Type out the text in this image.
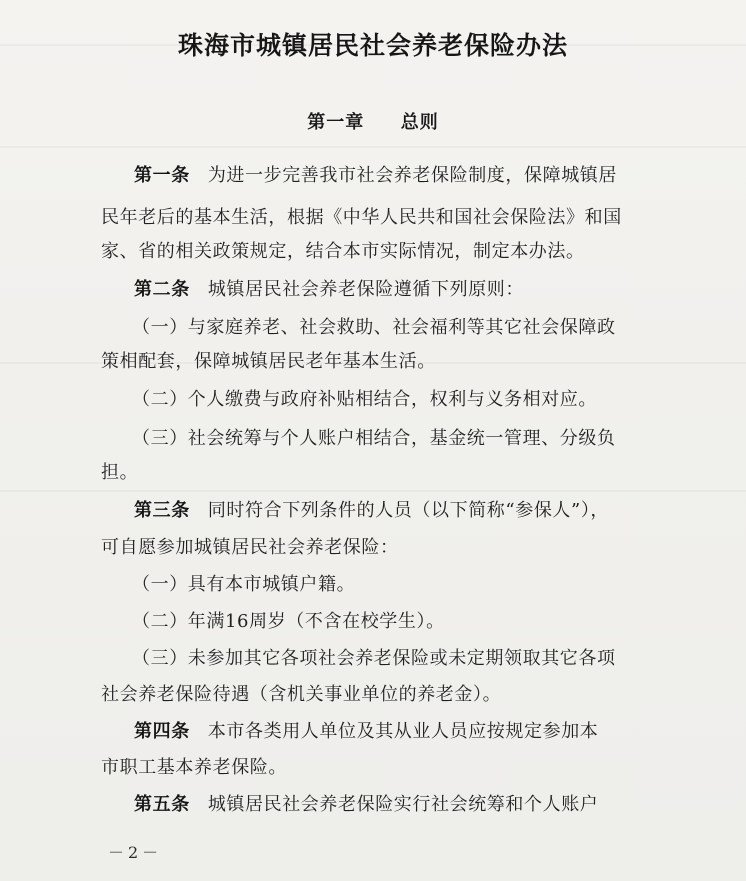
珠海市城镇居民社会养老保险办法
第一章 总则
第一条 为进一步完善我市社会养老保险制度，保障城镇居
民年老后的基本生活，根据《中华人民共和国社会保险法》和国
家、省的相关政策规定，结合本市实际情况，制定本办法。
第二条 城镇居民社会养老保险遵循下列原则：
（一）与家庭养老、社会救助、社会福利等其它社会保障政
策相配套，保障城镇居民老年基本生活。
（二）个人缴费与政府补贴相结合，权利与义务相对应。
（三）社会统筹与个人账户相结合，基金统一管理、分级负
担。
第三条 同时符合下列条件的人员（以下简称“参保人”），
可自愿参加城镇居民社会养老保险：
（一）具有本市城镇户籍。
（二）年满16周岁（不含在校学生）。
（三）未参加其它各项社会养老保险或未定期领取其它各项
社会养老保险待遇（含机关事业单位的养老金）。
第四条 本市各类用人单位及其从业人员应按规定参加本
市职工基本养老保险。
第五条 城镇居民社会养老保险实行社会统筹和个人账户
－2－
